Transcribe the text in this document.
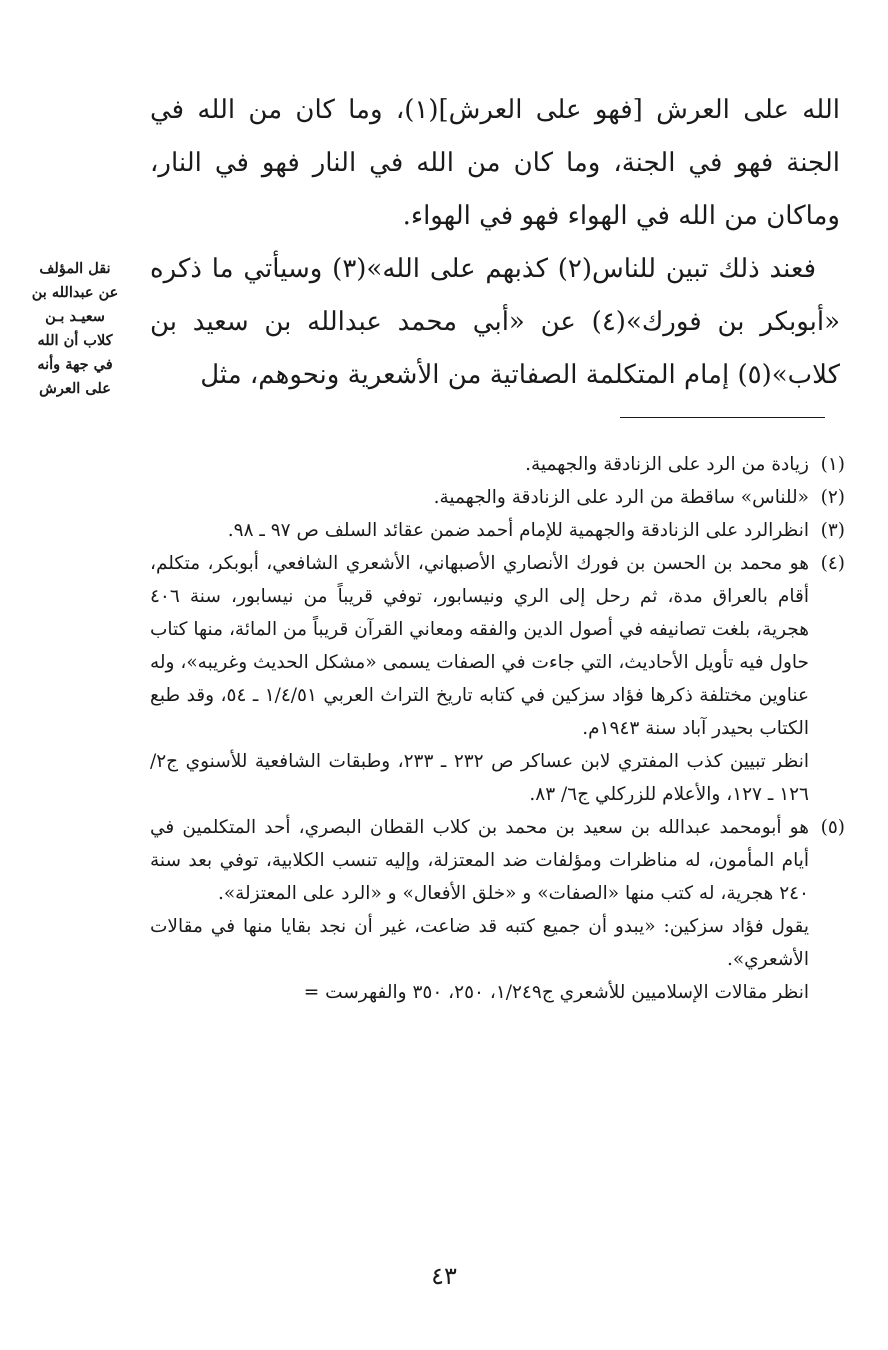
الله على العرش [فهو على العرش](١)، وما كان من الله في الجنة فهو في الجنة، وما كان من الله في النار فهو في النار، وماكان من الله في الهواء فهو في الهواء.

فعند ذلك تبين للناس(٢) كذبهم على الله»(٣) وسيأتي ما ذكره «أبوبكر بن فورك»(٤) عن «أبي محمد عبدالله بن سعيد بن كلاب»(٥) إمام المتكلمة الصفاتية من الأشعرية ونحوهم، مثل

نقل المؤلف
عن عبدالله بن
سعيـد بـن
كلاب أن الله
في جهة وأنه
على العرش
(١)

زيادة من الرد على الزنادقة والجهمية.

(٢)

«للناس» ساقطة من الرد على الزنادقة والجهمية.

(٣)

انظرالرد على الزنادقة والجهمية للإمام أحمد ضمن عقائد السلف ص ٩٧ ـ ٩٨.

(٤)

هو محمد بن الحسن بن فورك الأنصاري الأصبهاني، الأشعري الشافعي، أبوبكر، متكلم، أقام بالعراق مدة، ثم رحل إلى الري ونيسابور، توفي قريباً من نيسابور، سنة ٤٠٦ هجرية، بلغت تصانيفه في أصول الدين والفقه ومعاني القرآن قريباً من المائة، منها كتاب حاول فيه تأويل الأحاديث، التي جاءت في الصفات يسمى «مشكل الحديث وغريبه»، وله عناوين مختلفة ذكرها فؤاد سزكين في كتابه تاريخ التراث العربي ١/٤/٥١ ـ ٥٤، وقد طبع الكتاب بحيدر آباد سنة ١٩٤٣م.

انظر تبيين كذب المفتري لابن عساكر ص ٢٣٢ ـ ٢٣٣، وطبقات الشافعية للأسنوي ج٢/ ١٢٦ ـ ١٢٧، والأعلام للزركلي ج٦/ ٨٣.

(٥)

هو أبومحمد عبدالله بن سعيد بن محمد بن كلاب القطان البصري، أحد المتكلمين في أيام المأمون، له مناظرات ومؤلفات ضد المعتزلة، وإليه تنسب الكلابية، توفي بعد سنة ٢٤٠ هجرية، له كتب منها «الصفات» و «خلق الأفعال» و «الرد على المعتزلة».

يقول فؤاد سزكين: «يبدو أن جميع كتبه قد ضاعت، غير أن نجد بقايا منها في مقالات الأشعري».

انظر مقالات الإسلاميين للأشعري ج١/٢٤٩، ٢٥٠، ٣٥٠ والفهرست =

٤٣
